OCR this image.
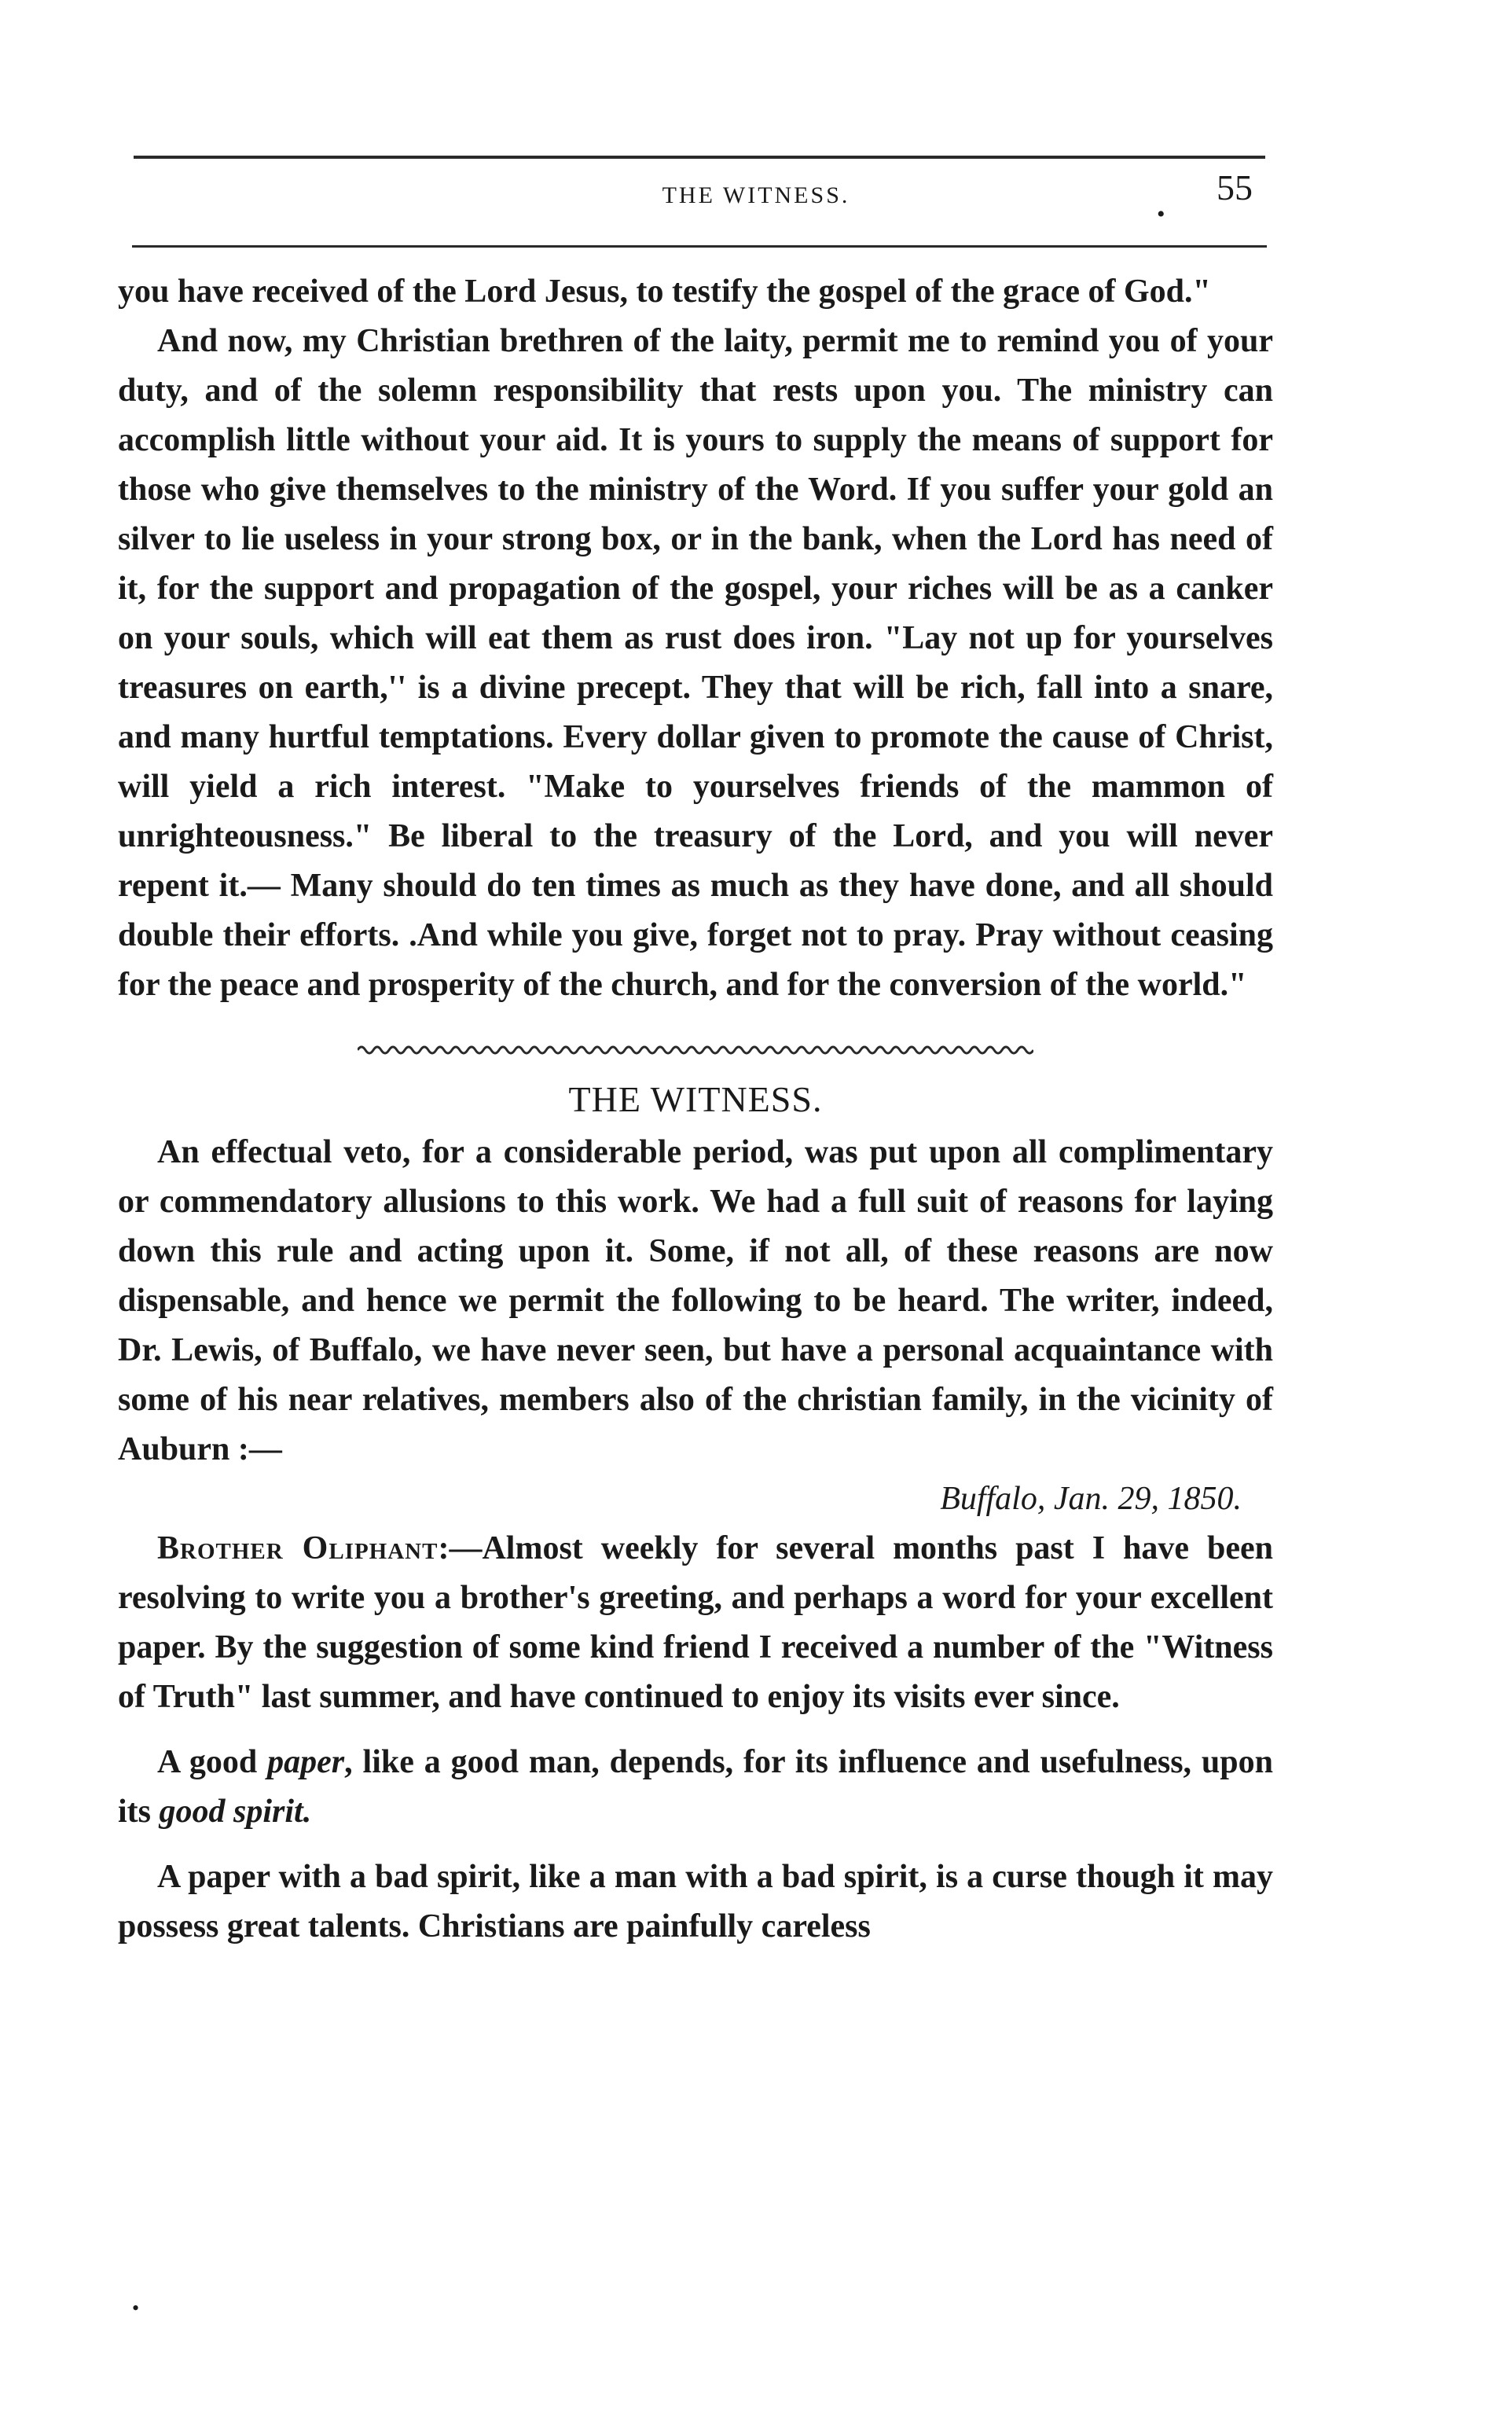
THE WITNESS.
•
55

you have received of the Lord Jesus, to testify the gospel of the grace of God."

And now, my Christian brethren of the laity, permit me to remind you of your duty, and of the solemn responsibility that rests upon you. The ministry can accomplish little without your aid. It is yours to supply the means of support for those who give themselves to the ministry of the Word. If you suffer your gold an silver to lie useless in your strong box, or in the bank, when the Lord has need of it, for the support and propagation of the gospel, your riches will be as a canker on your souls, which will eat them as rust does iron. "Lay not up for yourselves treasures on earth,'' is a divine precept. They that will be rich, fall into a snare, and many hurtful temptations. Every dollar given to promote the cause of Christ, will yield a rich interest. "Make to yourselves friends of the mammon of unrighteousness." Be liberal to the treasury of the Lord, and you will never repent it.— Many should do ten times as much as they have done, and all should double their efforts. .And while you give, forget not to pray. Pray without ceasing for the peace and prosperity of the church, and for the conversion of the world."

THE WITNESS.

An effectual veto, for a considerable period, was put upon all complimentary or commendatory allusions to this work. We had a full suit of reasons for laying down this rule and acting upon it. Some, if not all, of these reasons are now dispensable, and hence we permit the following to be heard. The writer, indeed, Dr. Lewis, of Buffalo, we have never seen, but have a personal acquaintance with some of his near relatives, members also of the christian family, in the vicinity of Auburn :—

Buffalo, Jan. 29, 1850.

Brother Oliphant:—Almost weekly for several months past I have been resolving to write you a brother's greeting, and perhaps a word for your excellent paper. By the suggestion of some kind friend I received a number of the "Witness of Truth" last summer, and have continued to enjoy its visits ever since.

A good paper, like a good man, depends, for its influence and usefulness, upon its good spirit.

A paper with a bad spirit, like a man with a bad spirit, is a curse though it may possess great talents. Christians are painfully careless

•
